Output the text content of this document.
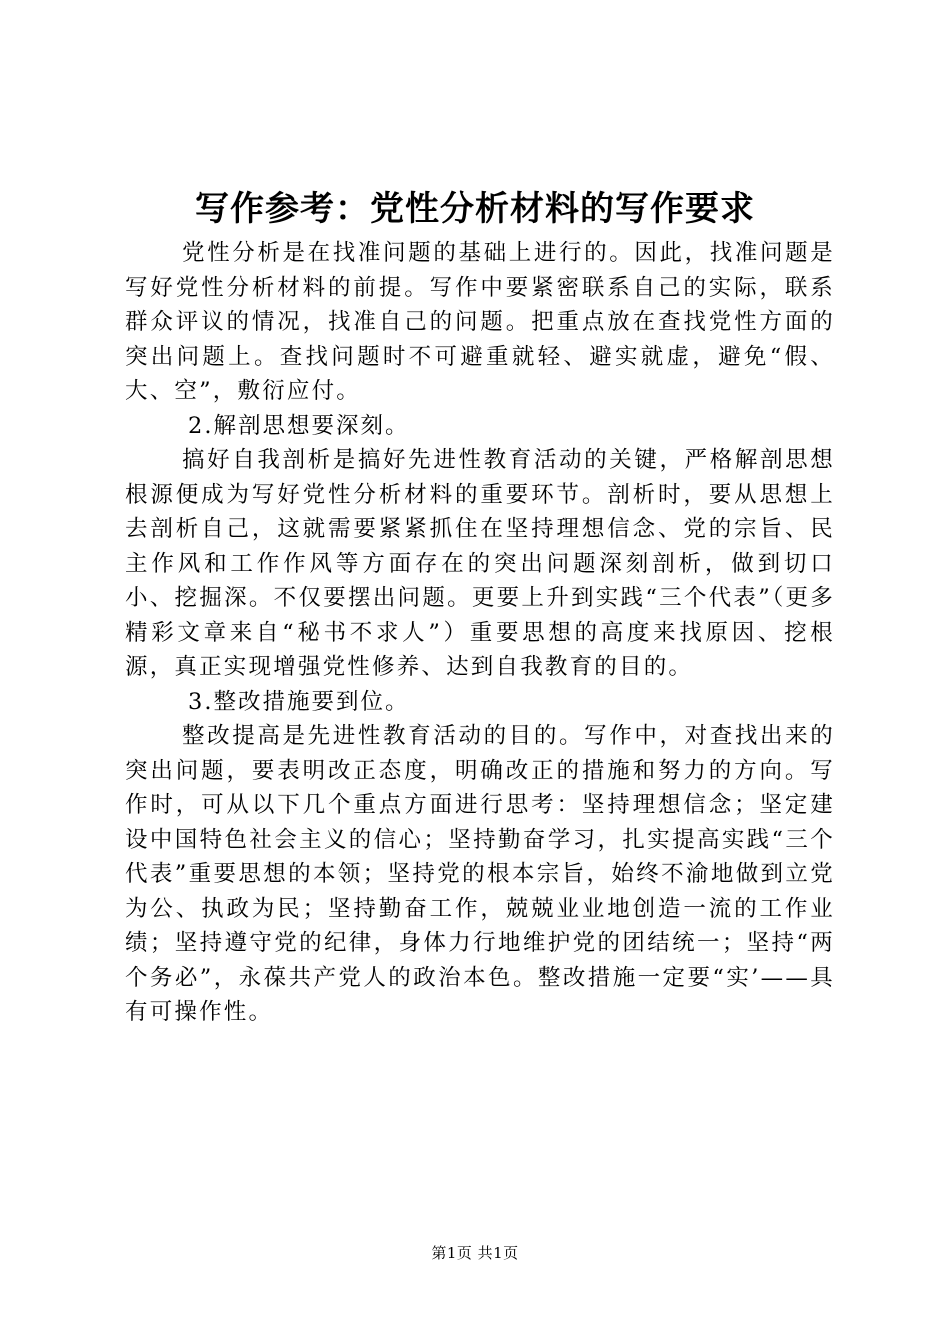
写作参考：党性分析材料的写作要求

党性分析是在找准问题的基础上进行的。因此，找准问题是写好党性分析材料的前提。写作中要紧密联系自己的实际，联系群众评议的情况，找准自己的问题。把重点放在查找党性方面的突出问题上。查找问题时不可避重就轻、避实就虚，避免“假、大、空”，敷衍应付。

2.解剖思想要深刻。

搞好自我剖析是搞好先进性教育活动的关键，严格解剖思想根源便成为写好党性分析材料的重要环节。剖析时，要从思想上去剖析自己，这就需要紧紧抓住在坚持理想信念、党的宗旨、民主作风和工作作风等方面存在的突出问题深刻剖析，做到切口小、挖掘深。不仅要摆出问题。更要上升到实践“三个代表”（更多精彩文章来自“秘书不求人”）重要思想的高度来找原因、挖根源，真正实现增强党性修养、达到自我教育的目的。

3.整改措施要到位。

整改提高是先进性教育活动的目的。写作中，对查找出来的突出问题，要表明改正态度，明确改正的措施和努力的方向。写作时，可从以下几个重点方面进行思考：坚持理想信念；坚定建设中国特色社会主义的信心；坚持勤奋学习，扎实提高实践“三个代表”重要思想的本领；坚持党的根本宗旨，始终不渝地做到立党为公、执政为民；坚持勤奋工作，兢兢业业地创造一流的工作业绩；坚持遵守党的纪律，身体力行地维护党的团结统一；坚持“两个务必”，永葆共产党人的政治本色。整改措施一定要“实’——具有可操作性。

第1页 共1页
